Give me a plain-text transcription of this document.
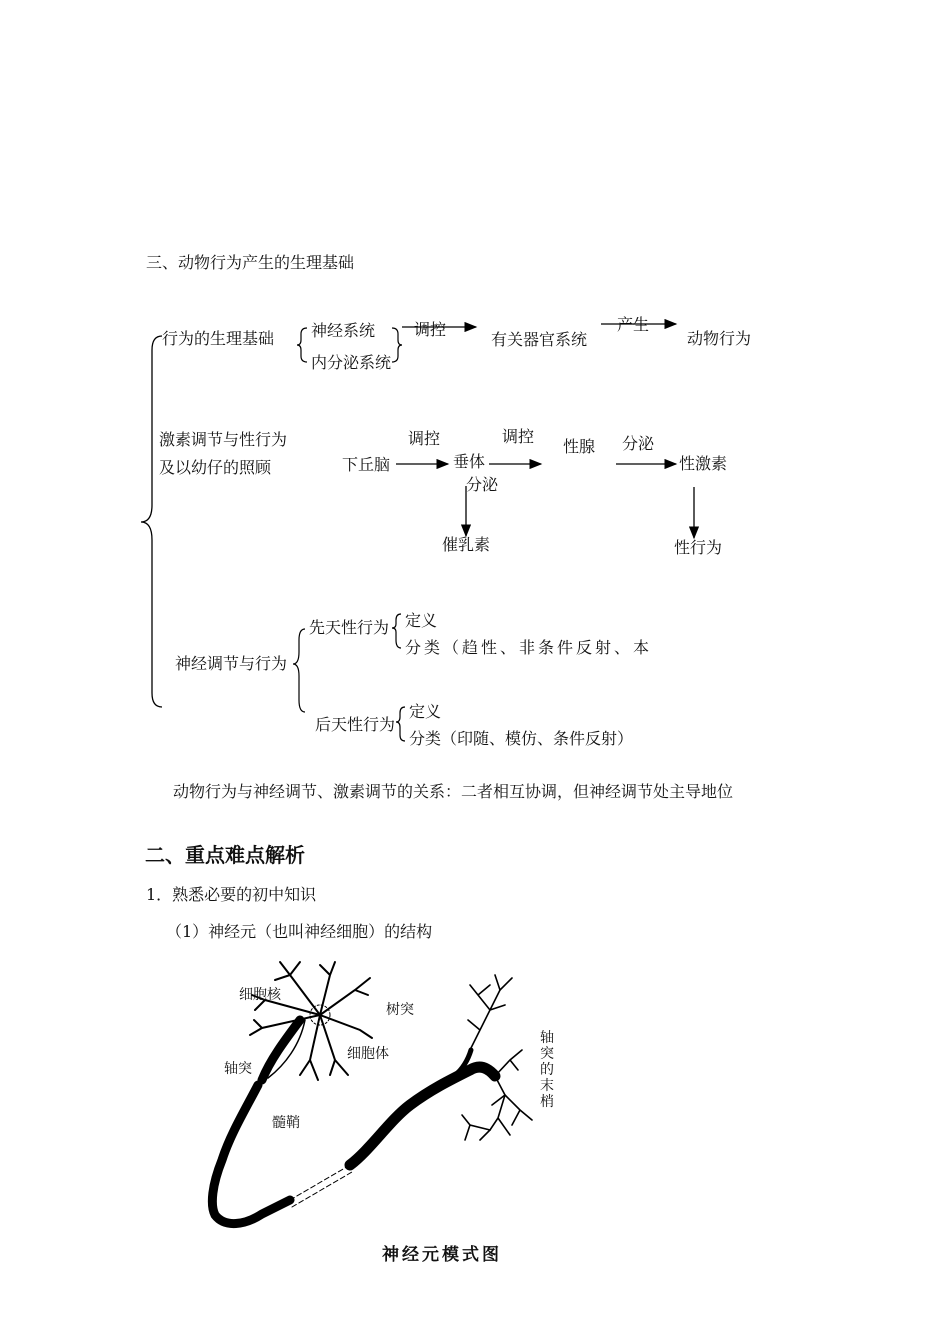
三、动物行为产生的生理基础
行为的生理基础 神经系统
内分泌系统
调控
有关器官系统
产生
动物行为
激素调节与性行为
及以幼仔的照顾	下丘脑
调控
垂体
调控
性腺 分泌
性激素
分泌
催乳素	性行为
神经调节与行为
先天性行为 定义
分类（趋性、非条件反射、本
后天性行为
定义
分类（印随、模仿、条件反射）
动物行为与神经调节、激素调节的关系：二者相互协调，但神经调节处主导地位
二、重点难点解析
1．熟悉必要的初中知识
（1）神经元（也叫神经细胞）的结构
细胞核
树突
细胞体
轴突
髓鞘
轴突的末梢
神经元模式图
